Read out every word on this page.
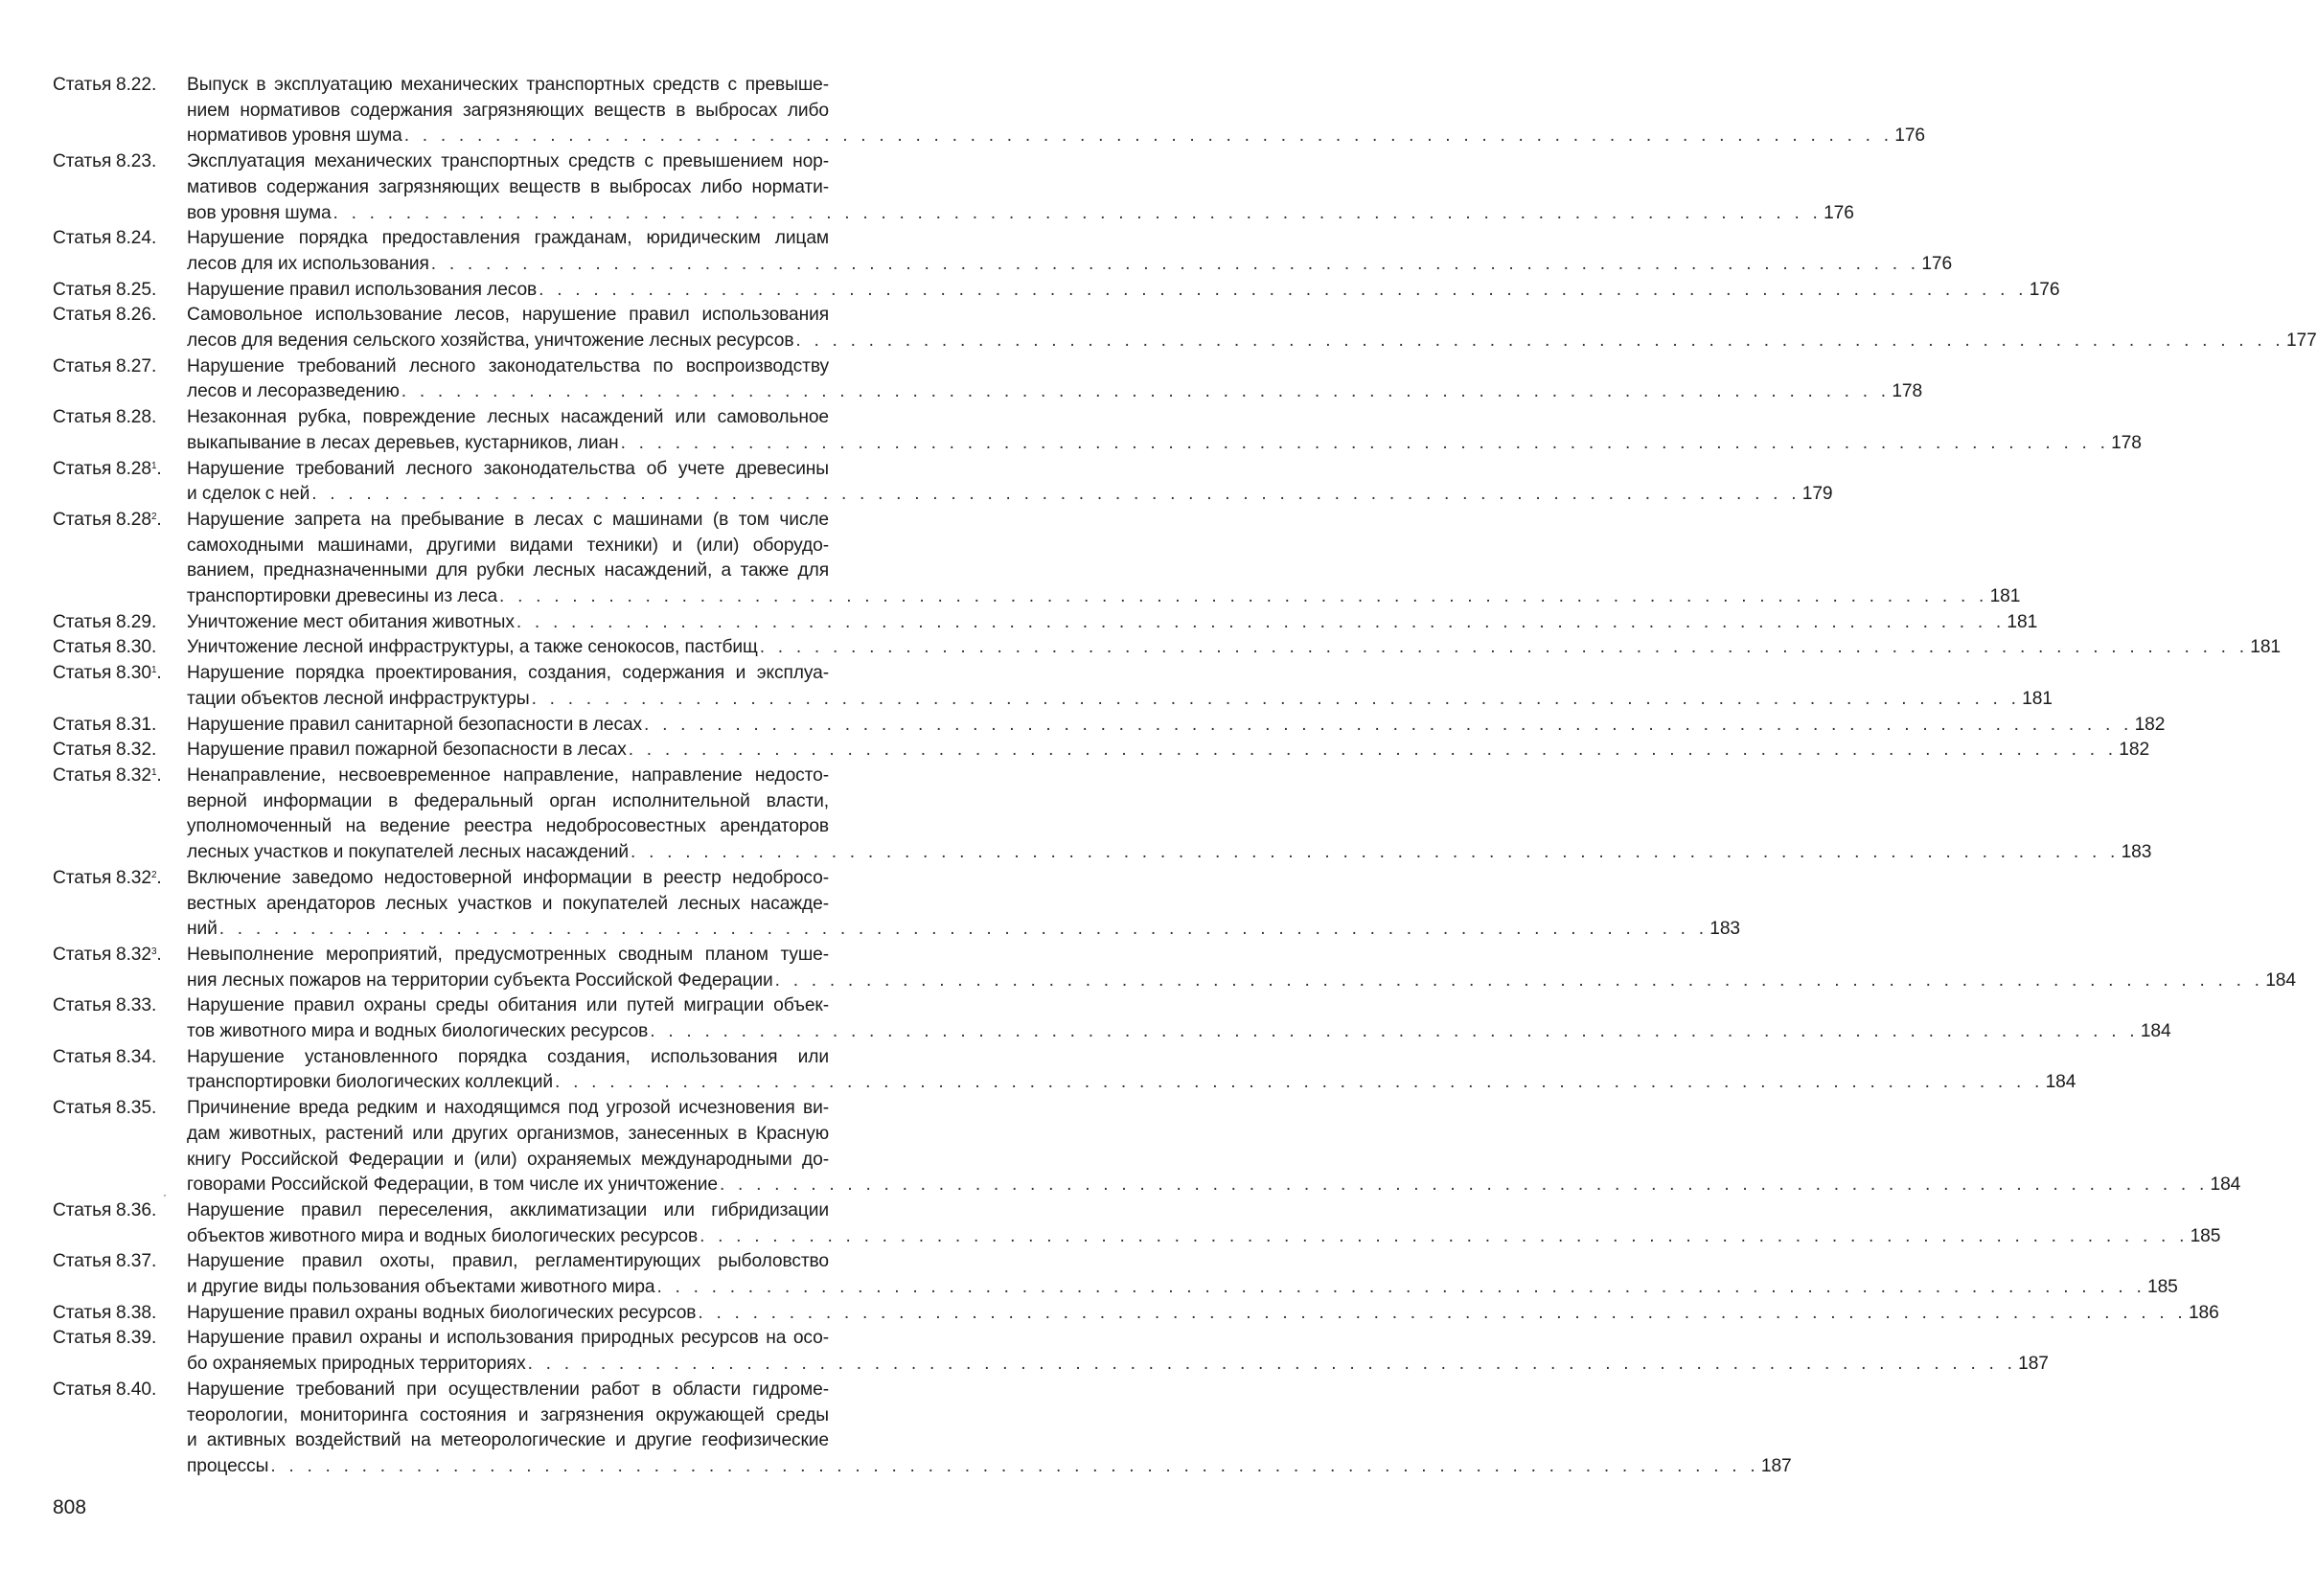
Статья 8.22.	Выпуск в эксплуатацию механических транспортных средств с превыше-
нием нормативов содержания загрязняющих веществ в выбросах либо
нормативов уровня шума . . . . . . . . . . . . . . . . . . . . . . . . . . . . . . . . . . . . . . . . . . . . . . . . . . . . . . . . . . . . . . . . . . . . . . . . . . . . . . . . . . 176
Статья 8.23.	Эксплуатация механических транспортных средств с превышением нор-
мативов содержания загрязняющих веществ в выбросах либо нормати-
вов уровня шума . . . . . . . . . . . . . . . . . . . . . . . . . . . . . . . . . . . . . . . . . . . . . . . . . . . . . . . . . . . . . . . . . . . . . . . . . . . . . . . . . . 176
Статья 8.24.	Нарушение порядка предоставления гражданам, юридическим лицам
лесов для их использования . . . . . . . . . . . . . . . . . . . . . . . . . . . . . . . . . . . . . . . . . . . . . . . . . . . . . . . . . . . . . . . . . . . . . . . . . . . . . . . . . . 176
Статья 8.25.	Нарушение правил использования лесов . . . . . . . . . . . . . . . . . . . . . . . . . . . . . . . . . . . . . . . . . . . . . . . . . . . . . . . . . . . . . . . . . . . . . . . . . . . . . . . . . . 176
Статья 8.26.	Самовольное использование лесов, нарушение правил использования
лесов для ведения сельского хозяйства, уничтожение лесных ресурсов . . . . . . . . . . . . . . . . . . . . . . . . . . . . . . . . . . . . . . . . . . . . . . . . . . . . . . . . . . . . . . . . . . . . . . . . . . . . . . . . . . 177
Статья 8.27.	Нарушение требований лесного законодательства по воспроизводству
лесов и лесоразведению . . . . . . . . . . . . . . . . . . . . . . . . . . . . . . . . . . . . . . . . . . . . . . . . . . . . . . . . . . . . . . . . . . . . . . . . . . . . . . . . . . 178
Статья 8.28.	Незаконная рубка, повреждение лесных насаждений или самовольное
выкапывание в лесах деревьев, кустарников, лиан . . . . . . . . . . . . . . . . . . . . . . . . . . . . . . . . . . . . . . . . . . . . . . . . . . . . . . . . . . . . . . . . . . . . . . . . . . . . . . . . . . 178
Статья 8.28$^1$.	Нарушение требований лесного законодательства об учете древесины
и сделок с ней . . . . . . . . . . . . . . . . . . . . . . . . . . . . . . . . . . . . . . . . . . . . . . . . . . . . . . . . . . . . . . . . . . . . . . . . . . . . . . . . . . 179
Статья 8.28$^2$.	Нарушение запрета на пребывание в лесах с машинами (в том числе
самоходными машинами, другими видами техники) и (или) оборудо-
ванием, предназначенными для рубки лесных насаждений, а также для
транспортировки древесины из леса . . . . . . . . . . . . . . . . . . . . . . . . . . . . . . . . . . . . . . . . . . . . . . . . . . . . . . . . . . . . . . . . . . . . . . . . . . . . . . . . . . 181
Статья 8.29.	Уничтожение мест обитания животных . . . . . . . . . . . . . . . . . . . . . . . . . . . . . . . . . . . . . . . . . . . . . . . . . . . . . . . . . . . . . . . . . . . . . . . . . . . . . . . . . . 181
Статья 8.30.	Уничтожение лесной инфраструктуры, а также сенокосов, пастбищ . . . . . . . . . . . . . . . . . . . . . . . . . . . . . . . . . . . . . . . . . . . . . . . . . . . . . . . . . . . . . . . . . . . . . . . . . . . . . . . . . . 181
Статья 8.30$^1$.	Нарушение порядка проектирования, создания, содержания и эксплуа-
тации объектов лесной инфраструктуры . . . . . . . . . . . . . . . . . . . . . . . . . . . . . . . . . . . . . . . . . . . . . . . . . . . . . . . . . . . . . . . . . . . . . . . . . . . . . . . . . . 181
Статья 8.31.	Нарушение правил санитарной безопасности в лесах . . . . . . . . . . . . . . . . . . . . . . . . . . . . . . . . . . . . . . . . . . . . . . . . . . . . . . . . . . . . . . . . . . . . . . . . . . . . . . . . . . 182
Статья 8.32.	Нарушение правил пожарной безопасности в лесах . . . . . . . . . . . . . . . . . . . . . . . . . . . . . . . . . . . . . . . . . . . . . . . . . . . . . . . . . . . . . . . . . . . . . . . . . . . . . . . . . . 182
Статья 8.32$^1$.	Ненаправление, несвоевременное направление, направление недосто-
верной информации в федеральный орган исполнительной власти,
уполномоченный на ведение реестра недобросовестных арендаторов
лесных участков и покупателей лесных насаждений . . . . . . . . . . . . . . . . . . . . . . . . . . . . . . . . . . . . . . . . . . . . . . . . . . . . . . . . . . . . . . . . . . . . . . . . . . . . . . . . . . 183
Статья 8.32$^2$.	Включение заведомо недостоверной информации в реестр недобросо-
вестных арендаторов лесных участков и покупателей лесных насажде-
ний . . . . . . . . . . . . . . . . . . . . . . . . . . . . . . . . . . . . . . . . . . . . . . . . . . . . . . . . . . . . . . . . . . . . . . . . . . . . . . . . . . 183
Статья 8.32$^3$.	Невыполнение мероприятий, предусмотренных сводным планом туше-
ния лесных пожаров на территории субъекта Российской Федерации . . . . . . . . . . . . . . . . . . . . . . . . . . . . . . . . . . . . . . . . . . . . . . . . . . . . . . . . . . . . . . . . . . . . . . . . . . . . . . . . . . 184
Статья 8.33.	Нарушение правил охраны среды обитания или путей миграции объек-
тов животного мира и водных биологических ресурсов . . . . . . . . . . . . . . . . . . . . . . . . . . . . . . . . . . . . . . . . . . . . . . . . . . . . . . . . . . . . . . . . . . . . . . . . . . . . . . . . . . 184
Статья 8.34.	Нарушение установленного порядка создания, использования или
транспортировки биологических коллекций . . . . . . . . . . . . . . . . . . . . . . . . . . . . . . . . . . . . . . . . . . . . . . . . . . . . . . . . . . . . . . . . . . . . . . . . . . . . . . . . . . 184
Статья 8.35.	Причинение вреда редким и находящимся под угрозой исчезновения ви-
дам животных, растений или других организмов, занесенных в Красную
книгу Российской Федерации и (или) охраняемых международными до-
говорами Российской Федерации, в том числе их уничтожение . . . . . . . . . . . . . . . . . . . . . . . . . . . . . . . . . . . . . . . . . . . . . . . . . . . . . . . . . . . . . . . . . . . . . . . . . . . . . . . . . . 184
Статья 8.36.	Нарушение правил переселения, акклиматизации или гибридизации
объектов животного мира и водных биологических ресурсов . . . . . . . . . . . . . . . . . . . . . . . . . . . . . . . . . . . . . . . . . . . . . . . . . . . . . . . . . . . . . . . . . . . . . . . . . . . . . . . . . . 185
Статья 8.37.	Нарушение правил охоты, правил, регламентирующих рыболовство
и другие виды пользования объектами животного мира . . . . . . . . . . . . . . . . . . . . . . . . . . . . . . . . . . . . . . . . . . . . . . . . . . . . . . . . . . . . . . . . . . . . . . . . . . . . . . . . . . 185
Статья 8.38.	Нарушение правил охраны водных биологических ресурсов . . . . . . . . . . . . . . . . . . . . . . . . . . . . . . . . . . . . . . . . . . . . . . . . . . . . . . . . . . . . . . . . . . . . . . . . . . . . . . . . . . 186
Статья 8.39.	Нарушение правил охраны и использования природных ресурсов на осо-
бо охраняемых природных территориях . . . . . . . . . . . . . . . . . . . . . . . . . . . . . . . . . . . . . . . . . . . . . . . . . . . . . . . . . . . . . . . . . . . . . . . . . . . . . . . . . . 187
Статья 8.40.	Нарушение требований при осуществлении работ в области гидроме-
теорологии, мониторинга состояния и загрязнения окружающей среды
и активных воздействий на метеорологические и другие геофизические
процессы . . . . . . . . . . . . . . . . . . . . . . . . . . . . . . . . . . . . . . . . . . . . . . . . . . . . . . . . . . . . . . . . . . . . . . . . . . . . . . . . . . 187
808
